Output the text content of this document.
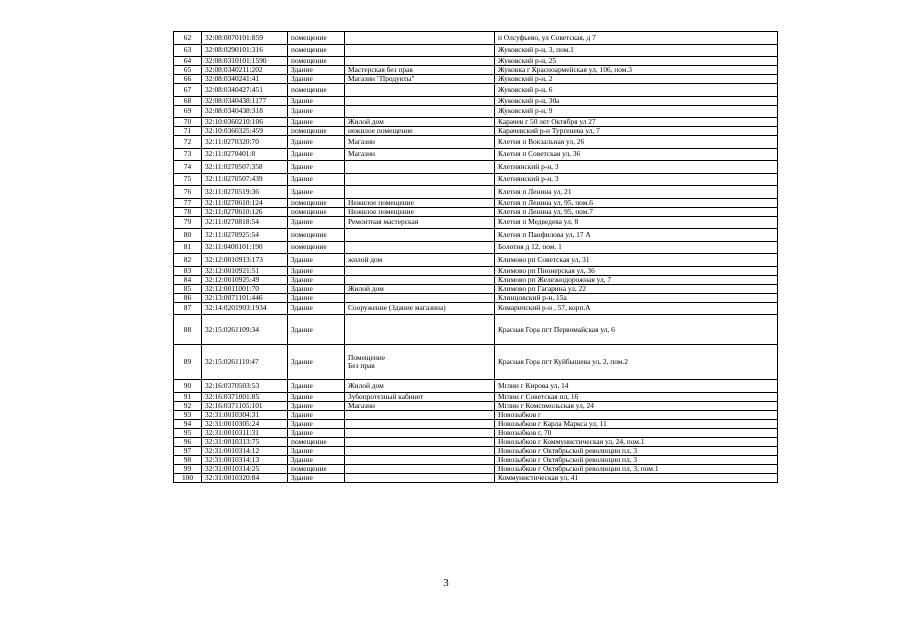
62	32:08:0070101:859	помещение		п Олсуфьево, ул Советская, д 7
63	32:08:0290101:316	помещение		Жуковский р-н, 3, пом.1
64	32:08:0310101:1590	помещение		Жуковский р-н, 25
65	32:08:0340211:202	Здание	Мастерская без прав	Жуковка г Красноармейская ул, 106, пом.3
66	32:08:0340241:41	Здание	Магазин "Продукты"	Жуковский р-н, 2
67	32:08:0340427:451	помещение		Жуковский р-н, 6
68	32:08:0340438:1177	Здание		Жуковский р-н, 30а
69	32:08:0340438:318	Здание		Жуковский р-н, 9
70	32:10:0360210:106	Здание	Жилой дом	Карачев г 50 лет Октября ул 27
71	32:10:0360325:459	помещение	нежилое помещение	Карачевский р-н Тургенева ул, 7
72	32:11:0270320:70	Здание	Магазин	Клетня п Вокзальная ул, 26
73	32:11:0270401:8	Здание	Магазин	Клетня п Советская ул, 36
74	32:11:0270507:358	Здание		Клетнянский р-н, 3
75	32:11:0270507:439	Здание		Клетнянский р-н, 3
76	32:11:0270519:36	Здание		Клетня п Ленина ул, 21
77	32:11:0270610:124	помещение	Нежилое помещение	Клетня п Ленина ул, 95, пом.6
78	32:11:0270610:126	помещение	Нежилое помещение	Клетня п Ленина ул, 95, пом.7
79	32:11:0270818:54	Здание	Ремонтная мастерская	Клетня п Медведева ул, 8
80	32:11:0270925:54	помещение		Клетня п Панфилова ул, 17 А
81	32:11:0400101:190	помещение		Болотня д 12, пом. 1
82	32:12:0010913:173	Здание	жилой дом	Климово рп Советская ул, 31
83	32:12:0010921:51	Здание		Климово рп Пионерская ул, 36
84	32:12:0010925:49	Здание		Климово рп Железнодорожная ул, 7
85	32:12:0011001:70	Здание	Жилой дом	Климово рп Гагарина ул, 22
86	32:13:0071101:446	Здание		Клинцовский р-н, 15а
87	32:14:0201903:1934	Здание	Сооружение (Здание магазина)	Комаричский р-н , 57, корп.А
88	32:15:0261109:34	Здание		Красная Гора пгт Первомайская ул, 6
89	32:15:0261110:47	Здание	Помещение
Без прав	Красная Гора пгт Куйбышева ул, 2, пом.2
90	32:16:0370503:53	Здание	Жилой дом	Мглин г Кирова ул, 14
91	32:16:0371001:85	Здание	Зубопротезный кабинет	Мглин г Советская пл, 16
92	32:16:0371105:101	Здание	Магазин	Мглин г Комсомольская ул, 24
93	32:31:0010304:31	Здание		Новозыбков г
94	32:31:0010305:24	Здание		Новозыбков г Карла Маркса ул, 11
95	32:31:0010311:31	Здание		Новозыбков г, 70
96	32:31:0010313:75	помещение		Новозыбков г Коммунистическая ул, 24, пом.1
97	32:31:0010314:12	Здание		Новозыбков г Октябрьской революции пл, 3
98	32:31:0010314:13	Здание		Новозыбков г Октябрьской революции пл, 3
99	32:31:0010314:25	помещение		Новозыбков г Октябрьской революции пл, 3, пом.1
100	32:31:0010320:84	Здание		Коммунистическая ул, 41
3
